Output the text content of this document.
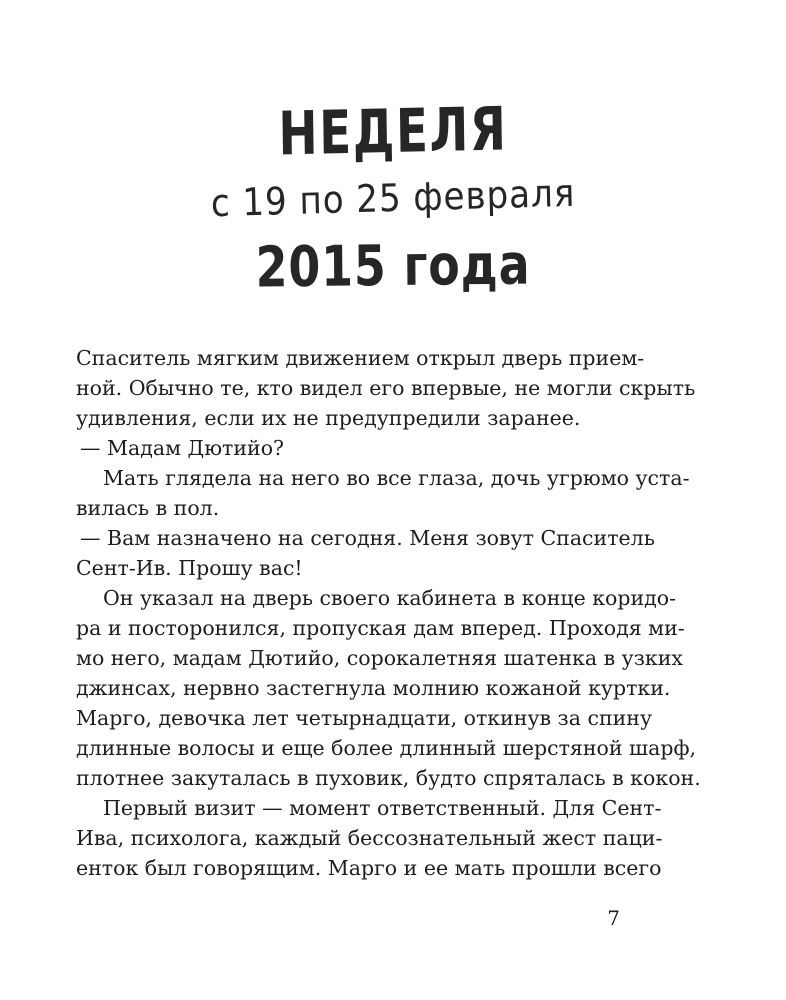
НЕДЕЛЯ
с 19 по 25 февраля
2015 года
Спаситель мягким движением открыл дверь прием-
ной. Обычно те, кто видел его впервые, не могли скрыть
удивления, если их не предупредили заранее.
— Мадам Дютийо?
Мать глядела на него во все глаза, дочь угрюмо уста-
вилась в пол.
— Вам назначено на сегодня. Меня зовут Спаситель
Сент-Ив. Прошу вас!
Он указал на дверь своего кабинета в конце коридо-
ра и посторонился, пропуская дам вперед. Проходя ми-
мо него, мадам Дютийо, сорокалетняя шатенка в узких
джинсах, нервно застегнула молнию кожаной куртки.
Марго, девочка лет четырнадцати, откинув за спину
длинные волосы и еще более длинный шерстяной шарф,
плотнее закуталась в пуховик, будто спряталась в кокон.
Первый визит — момент ответственный. Для Сент-
Ива, психолога, каждый бессознательный жест паци-
енток был говорящим. Марго и ее мать прошли всего
7
